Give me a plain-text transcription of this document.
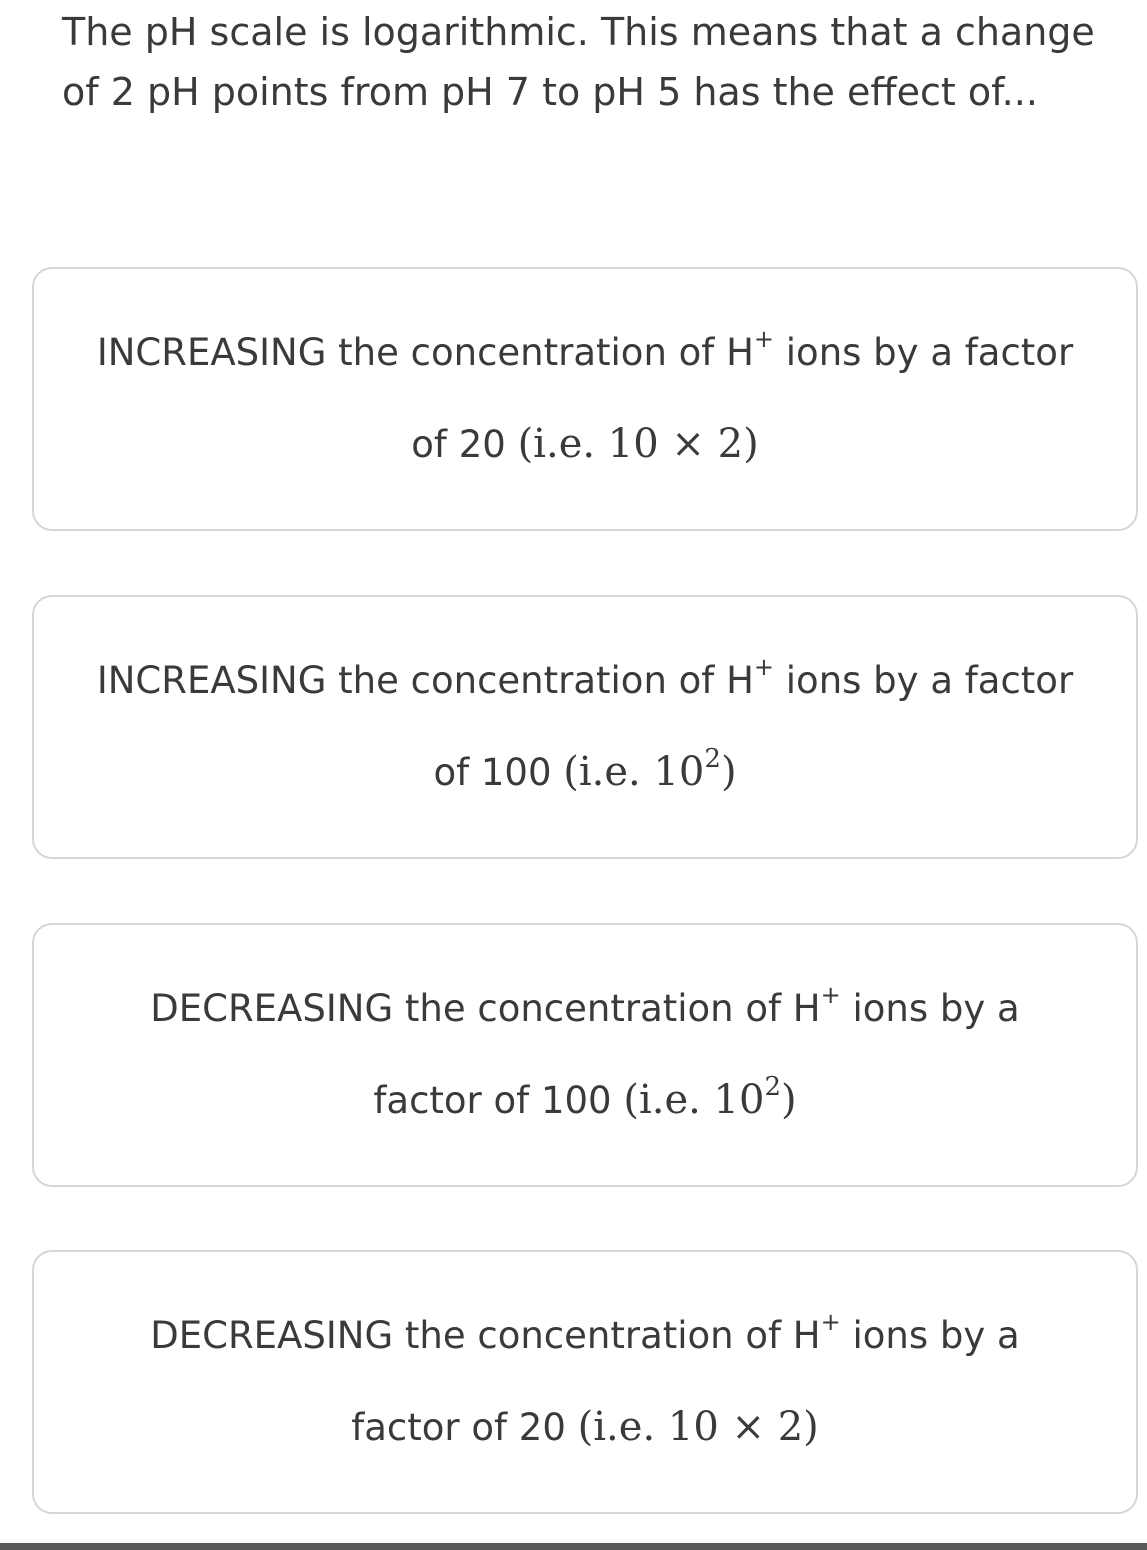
The pH scale is logarithmic. This means that a change
of 2 pH points from pH 7 to pH 5 has the effect of...
INCREASING the concentration of H+ ions by a factor
of 20 (i.e. 10 × 2)
INCREASING the concentration of H+ ions by a factor
of 100 (i.e. $10^2$)
DECREASING the concentration of H+ ions by a
factor of 100 (i.e. $10^2$)
DECREASING the concentration of H+ ions by a
factor of 20 (i.e. 10 × 2)
